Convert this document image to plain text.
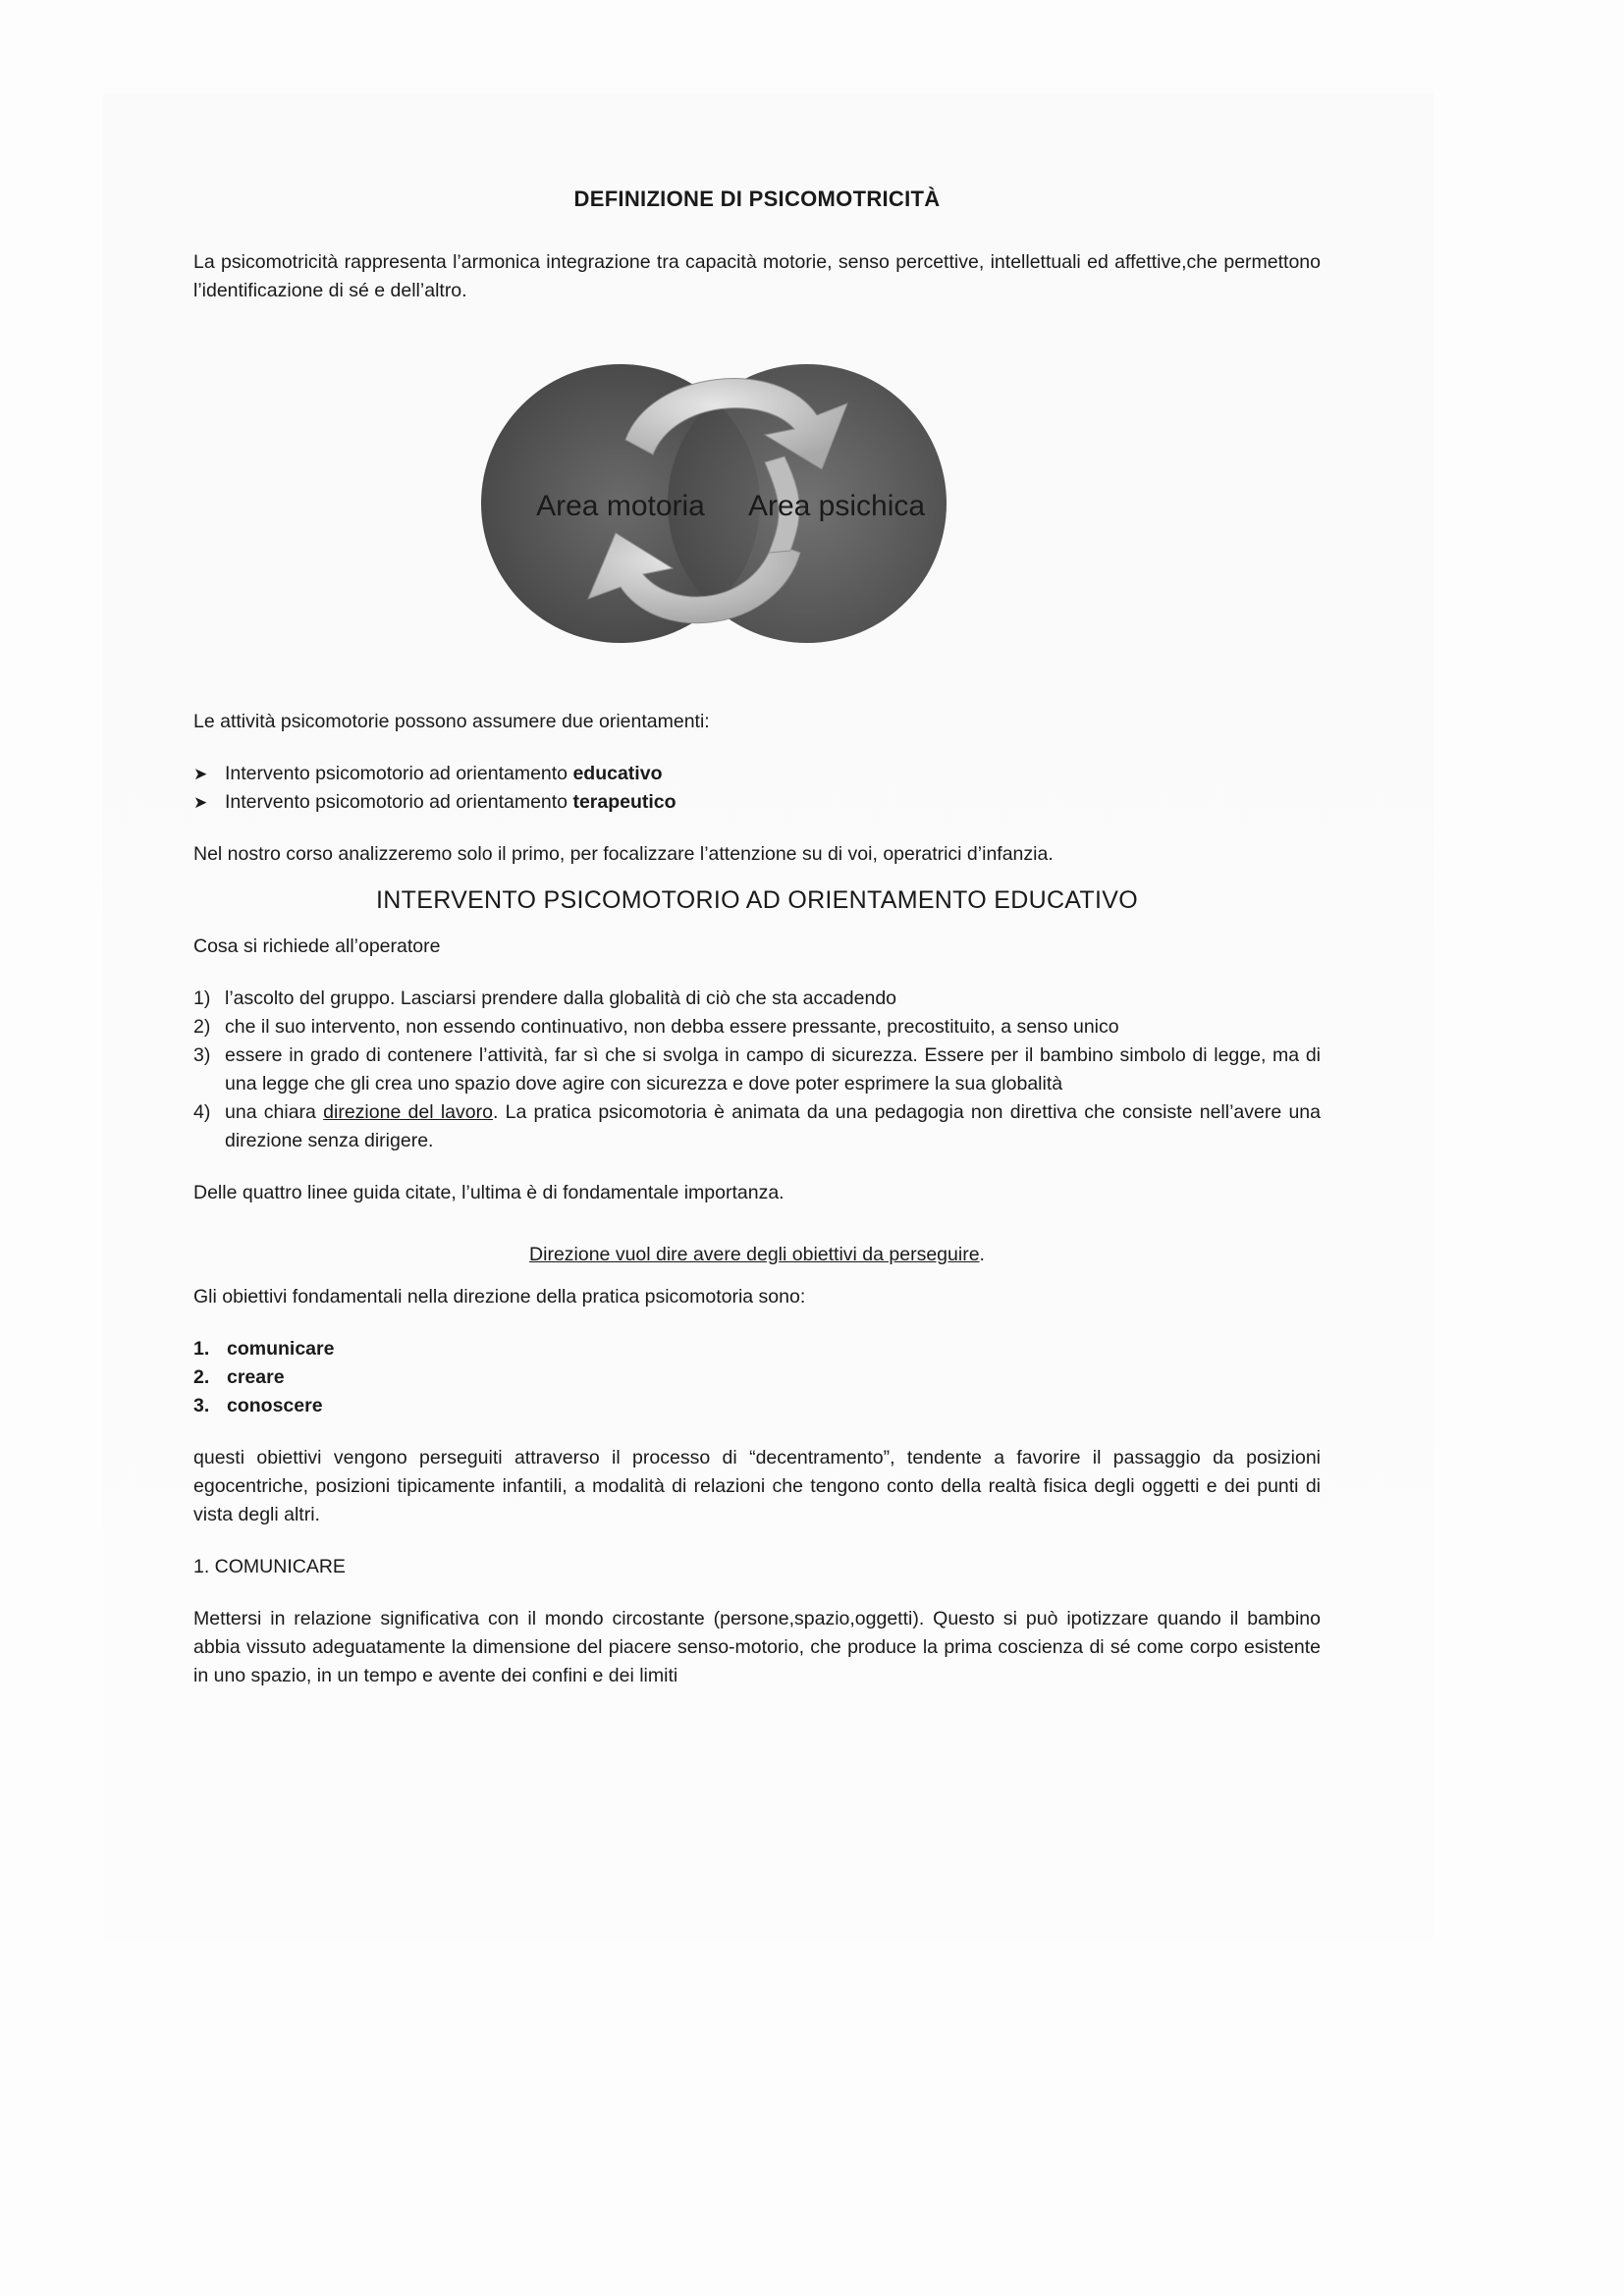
DEFINIZIONE DI PSICOMOTRICITÀ

La psicomotricità rappresenta l’armonica integrazione tra capacità motorie, senso percettive, intellettuali ed affettive,che permettono l’identificazione di sé e dell’altro.

Area motoria Area psichica

Le attività psicomotorie possono assumere due orientamenti:

➤ Intervento psicomotorio ad orientamento educativo
➤ Intervento psicomotorio ad orientamento terapeutico

Nel nostro corso analizzeremo solo il primo, per focalizzare l’attenzione su di voi, operatrici d’infanzia.

INTERVENTO PSICOMOTORIO AD ORIENTAMENTO EDUCATIVO

Cosa si richiede all’operatore

1) l’ascolto del gruppo. Lasciarsi prendere dalla globalità di ciò che sta accadendo
2) che il suo intervento, non essendo continuativo, non debba essere pressante, precostituito, a senso unico
3) essere in grado di contenere l’attività, far sì che si svolga in campo di sicurezza. Essere per il bambino simbolo di legge, ma di una legge che gli crea uno spazio dove agire con sicurezza e dove poter esprimere la sua globalità
4) una chiara direzione del lavoro. La pratica psicomotoria è animata da una pedagogia non direttiva che consiste nell’avere una direzione senza dirigere.

Delle quattro linee guida citate, l’ultima è di fondamentale importanza.

Direzione vuol dire avere degli obiettivi da perseguire.

Gli obiettivi fondamentali nella direzione della pratica psicomotoria sono:

1. comunicare
2. creare
3. conoscere

questi obiettivi vengono perseguiti attraverso il processo di “decentramento”, tendente a favorire il passaggio da posizioni egocentriche, posizioni tipicamente infantili, a modalità di relazioni che tengono conto della realtà fisica degli oggetti e dei punti di vista degli altri.

1. COMUNICARE

Mettersi in relazione significativa con il mondo circostante (persone,spazio,oggetti). Questo si può ipotizzare quando il bambino abbia vissuto adeguatamente la dimensione del piacere senso-motorio, che produce la prima coscienza di sé come corpo esistente in uno spazio, in un tempo e avente dei confini e dei limiti
